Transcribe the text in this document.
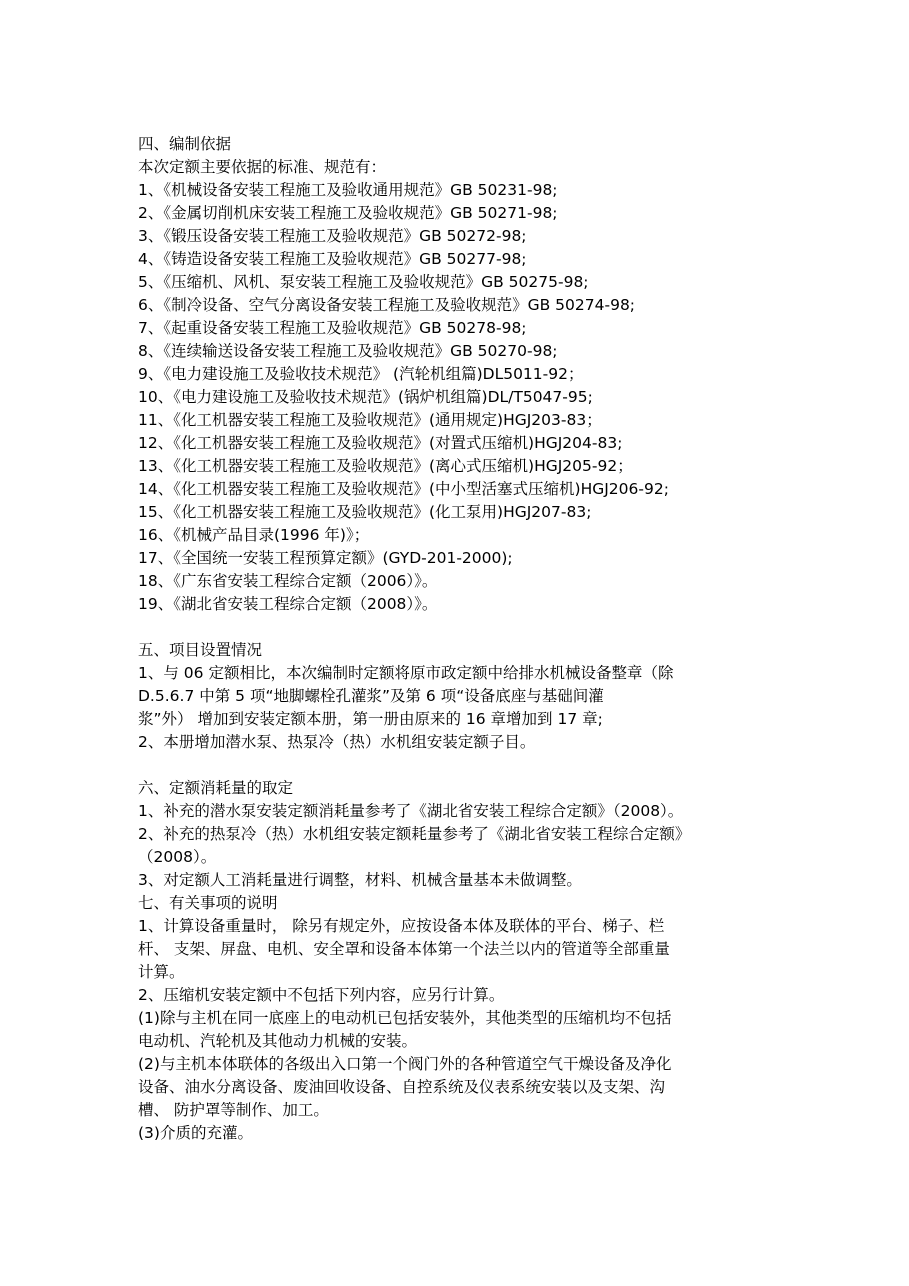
四、编制依据
本次定额主要依据的标准、规范有：
1、《机械设备安装工程施工及验收通用规范》GB 50231-98;
2、《金属切削机床安装工程施工及验收规范》GB 50271-98;
3、《锻压设备安装工程施工及验收规范》GB 50272-98;
4、《铸造设备安装工程施工及验收规范》GB 50277-98;
5、《压缩机、风机、泵安装工程施工及验收规范》GB 50275-98;
6、《制冷设备、空气分离设备安装工程施工及验收规范》GB 50274-98;
7、《起重设备安装工程施工及验收规范》GB 50278-98;
8、《连续输送设备安装工程施工及验收规范》GB 50270-98;
9、《电力建设施工及验收技术规范》 (汽轮机组篇)DL5011-92；
10、《电力建设施工及验收技术规范》(锅炉机组篇)DL/T5047-95;
11、《化工机器安装工程施工及验收规范》(通用规定)HGJ203-83；
12、《化工机器安装工程施工及验收规范》(对置式压缩机)HGJ204-83;
13、《化工机器安装工程施工及验收规范》(离心式压缩机)HGJ205-92；
14、《化工机器安装工程施工及验收规范》(中小型活塞式压缩机)HGJ206-92;
15、《化工机器安装工程施工及验收规范》(化工泵用)HGJ207-83;
16、《机械产品目录(1996 年)》；
17、《全国统一安装工程预算定额》(GYD-201-2000);
18、《广东省安装工程综合定额（2006）》。
19、《湖北省安装工程综合定额（2008）》。
五、项目设置情况
1、与 06 定额相比，本次编制时定额将原市政定额中给排水机械设备整章（除
D.5.6.7 中第 5 项“地脚螺栓孔灌浆”及第 6 项“设备底座与基础间灌
浆”外） 增加到安装定额本册，第一册由原来的 16 章增加到 17 章;
2、本册增加潜水泵、热泵冷（热）水机组安装定额子目。
六、定额消耗量的取定
1、补充的潜水泵安装定额消耗量参考了《湖北省安装工程综合定额》（2008）。
2、补充的热泵冷（热）水机组安装定额耗量参考了《湖北省安装工程综合定额》
（2008）。
3、对定额人工消耗量进行调整，材料、机械含量基本未做调整。
七、有关事项的说明
1、计算设备重量时， 除另有规定外，应按设备本体及联体的平台、梯子、栏
杆、 支架、屏盘、电机、安全罩和设备本体第一个法兰以内的管道等全部重量
计算。
2、压缩机安装定额中不包括下列内容，应另行计算。
(1)除与主机在同一底座上的电动机已包括安装外，其他类型的压缩机均不包括
电动机、汽轮机及其他动力机械的安装。
(2)与主机本体联体的各级出入口第一个阀门外的各种管道空气干燥设备及净化
设备、油水分离设备、废油回收设备、自控系统及仪表系统安装以及支架、沟
槽、 防护罩等制作、加工。
(3)介质的充灌。
